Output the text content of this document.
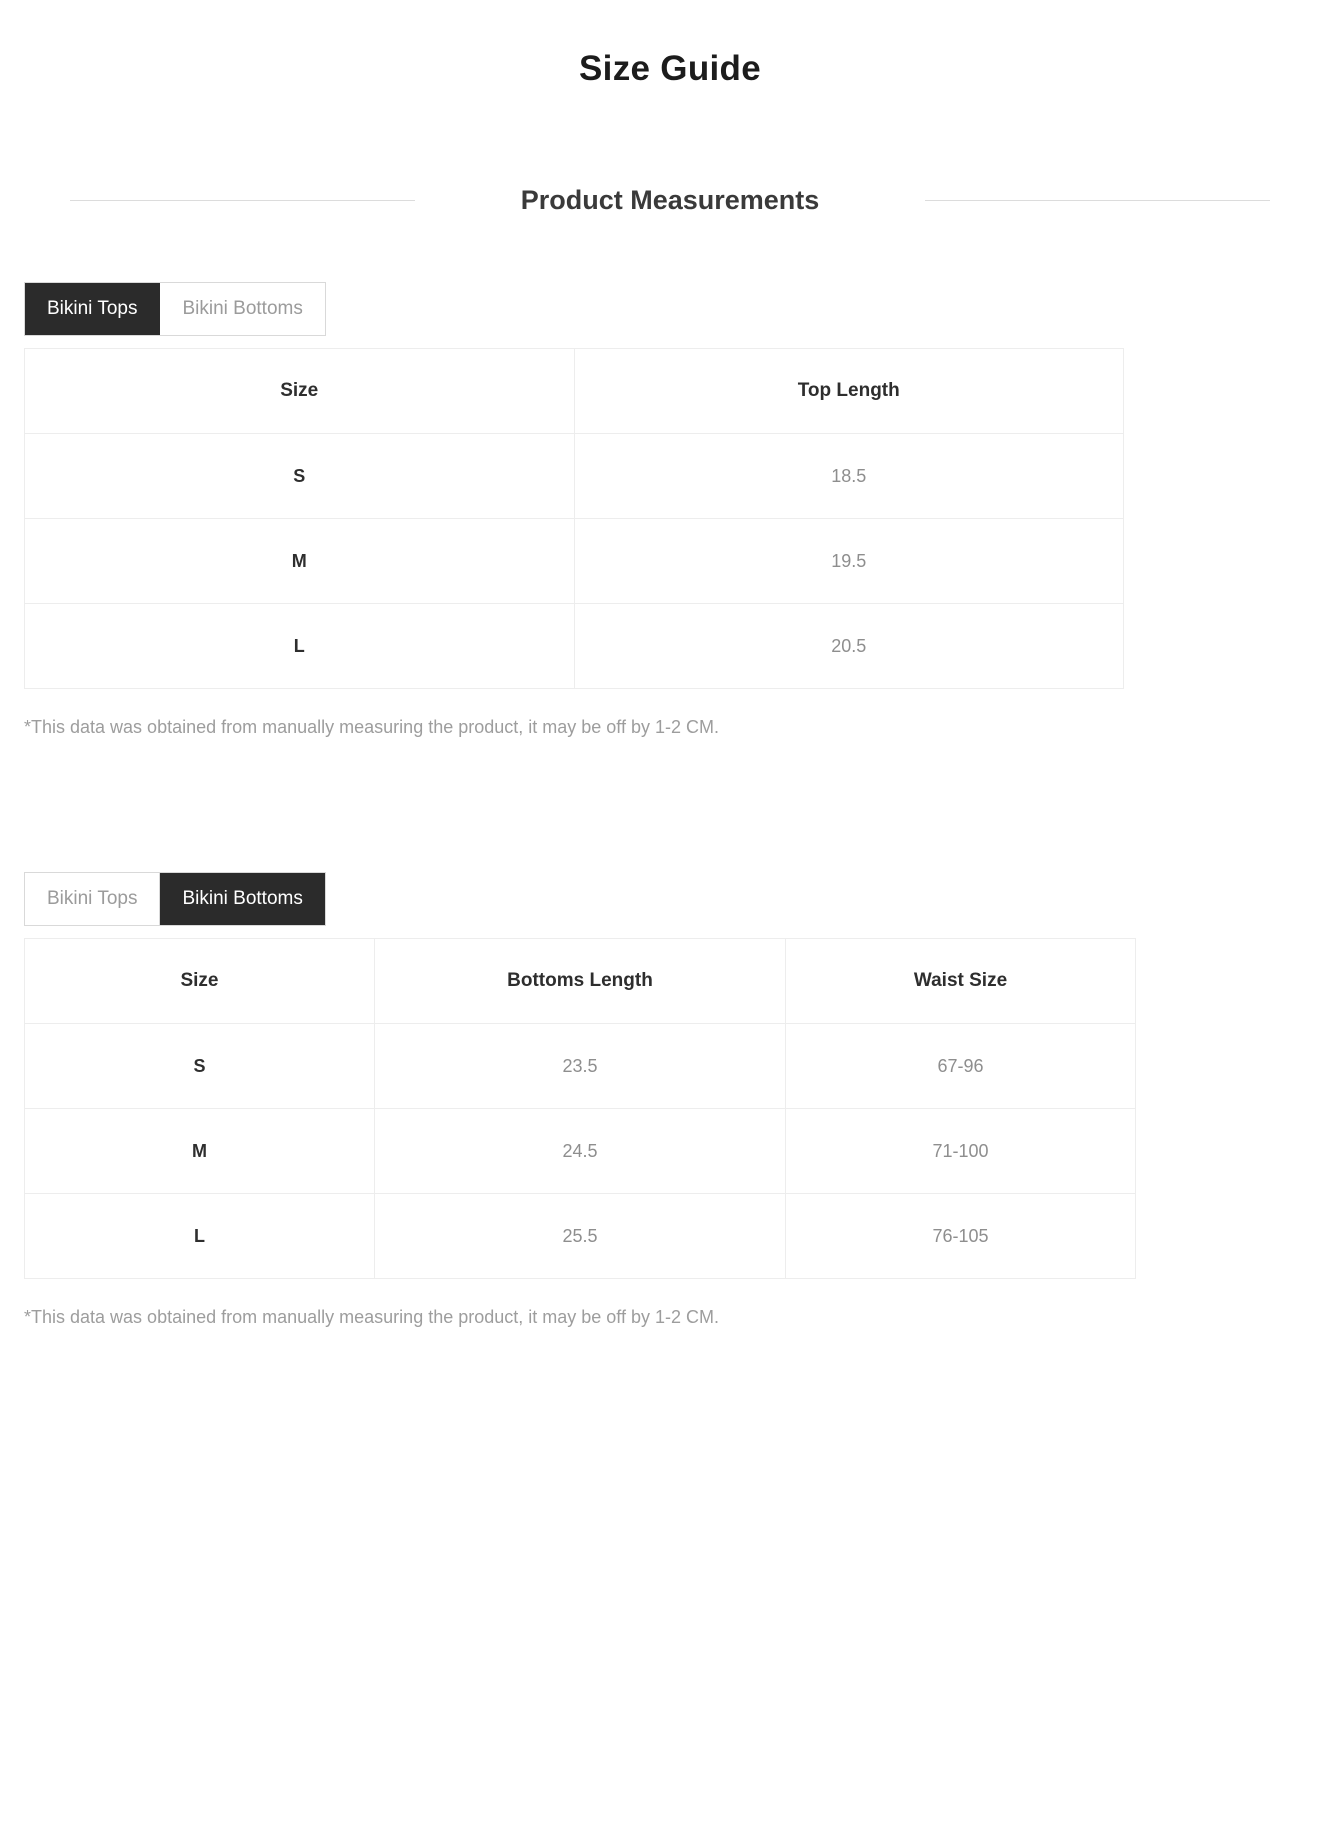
Size Guide
Product Measurements
Bikini Tops	Bikini Bottoms
Size	Top Length
S	18.5
M	19.5
L	20.5
*This data was obtained from manually measuring the product, it may be off by 1-2 CM.
Bikini Tops	Bikini Bottoms
Size	Bottoms Length	Waist Size
S	23.5	67-96
M	24.5	71-100
L	25.5	76-105
*This data was obtained from manually measuring the product, it may be off by 1-2 CM.
